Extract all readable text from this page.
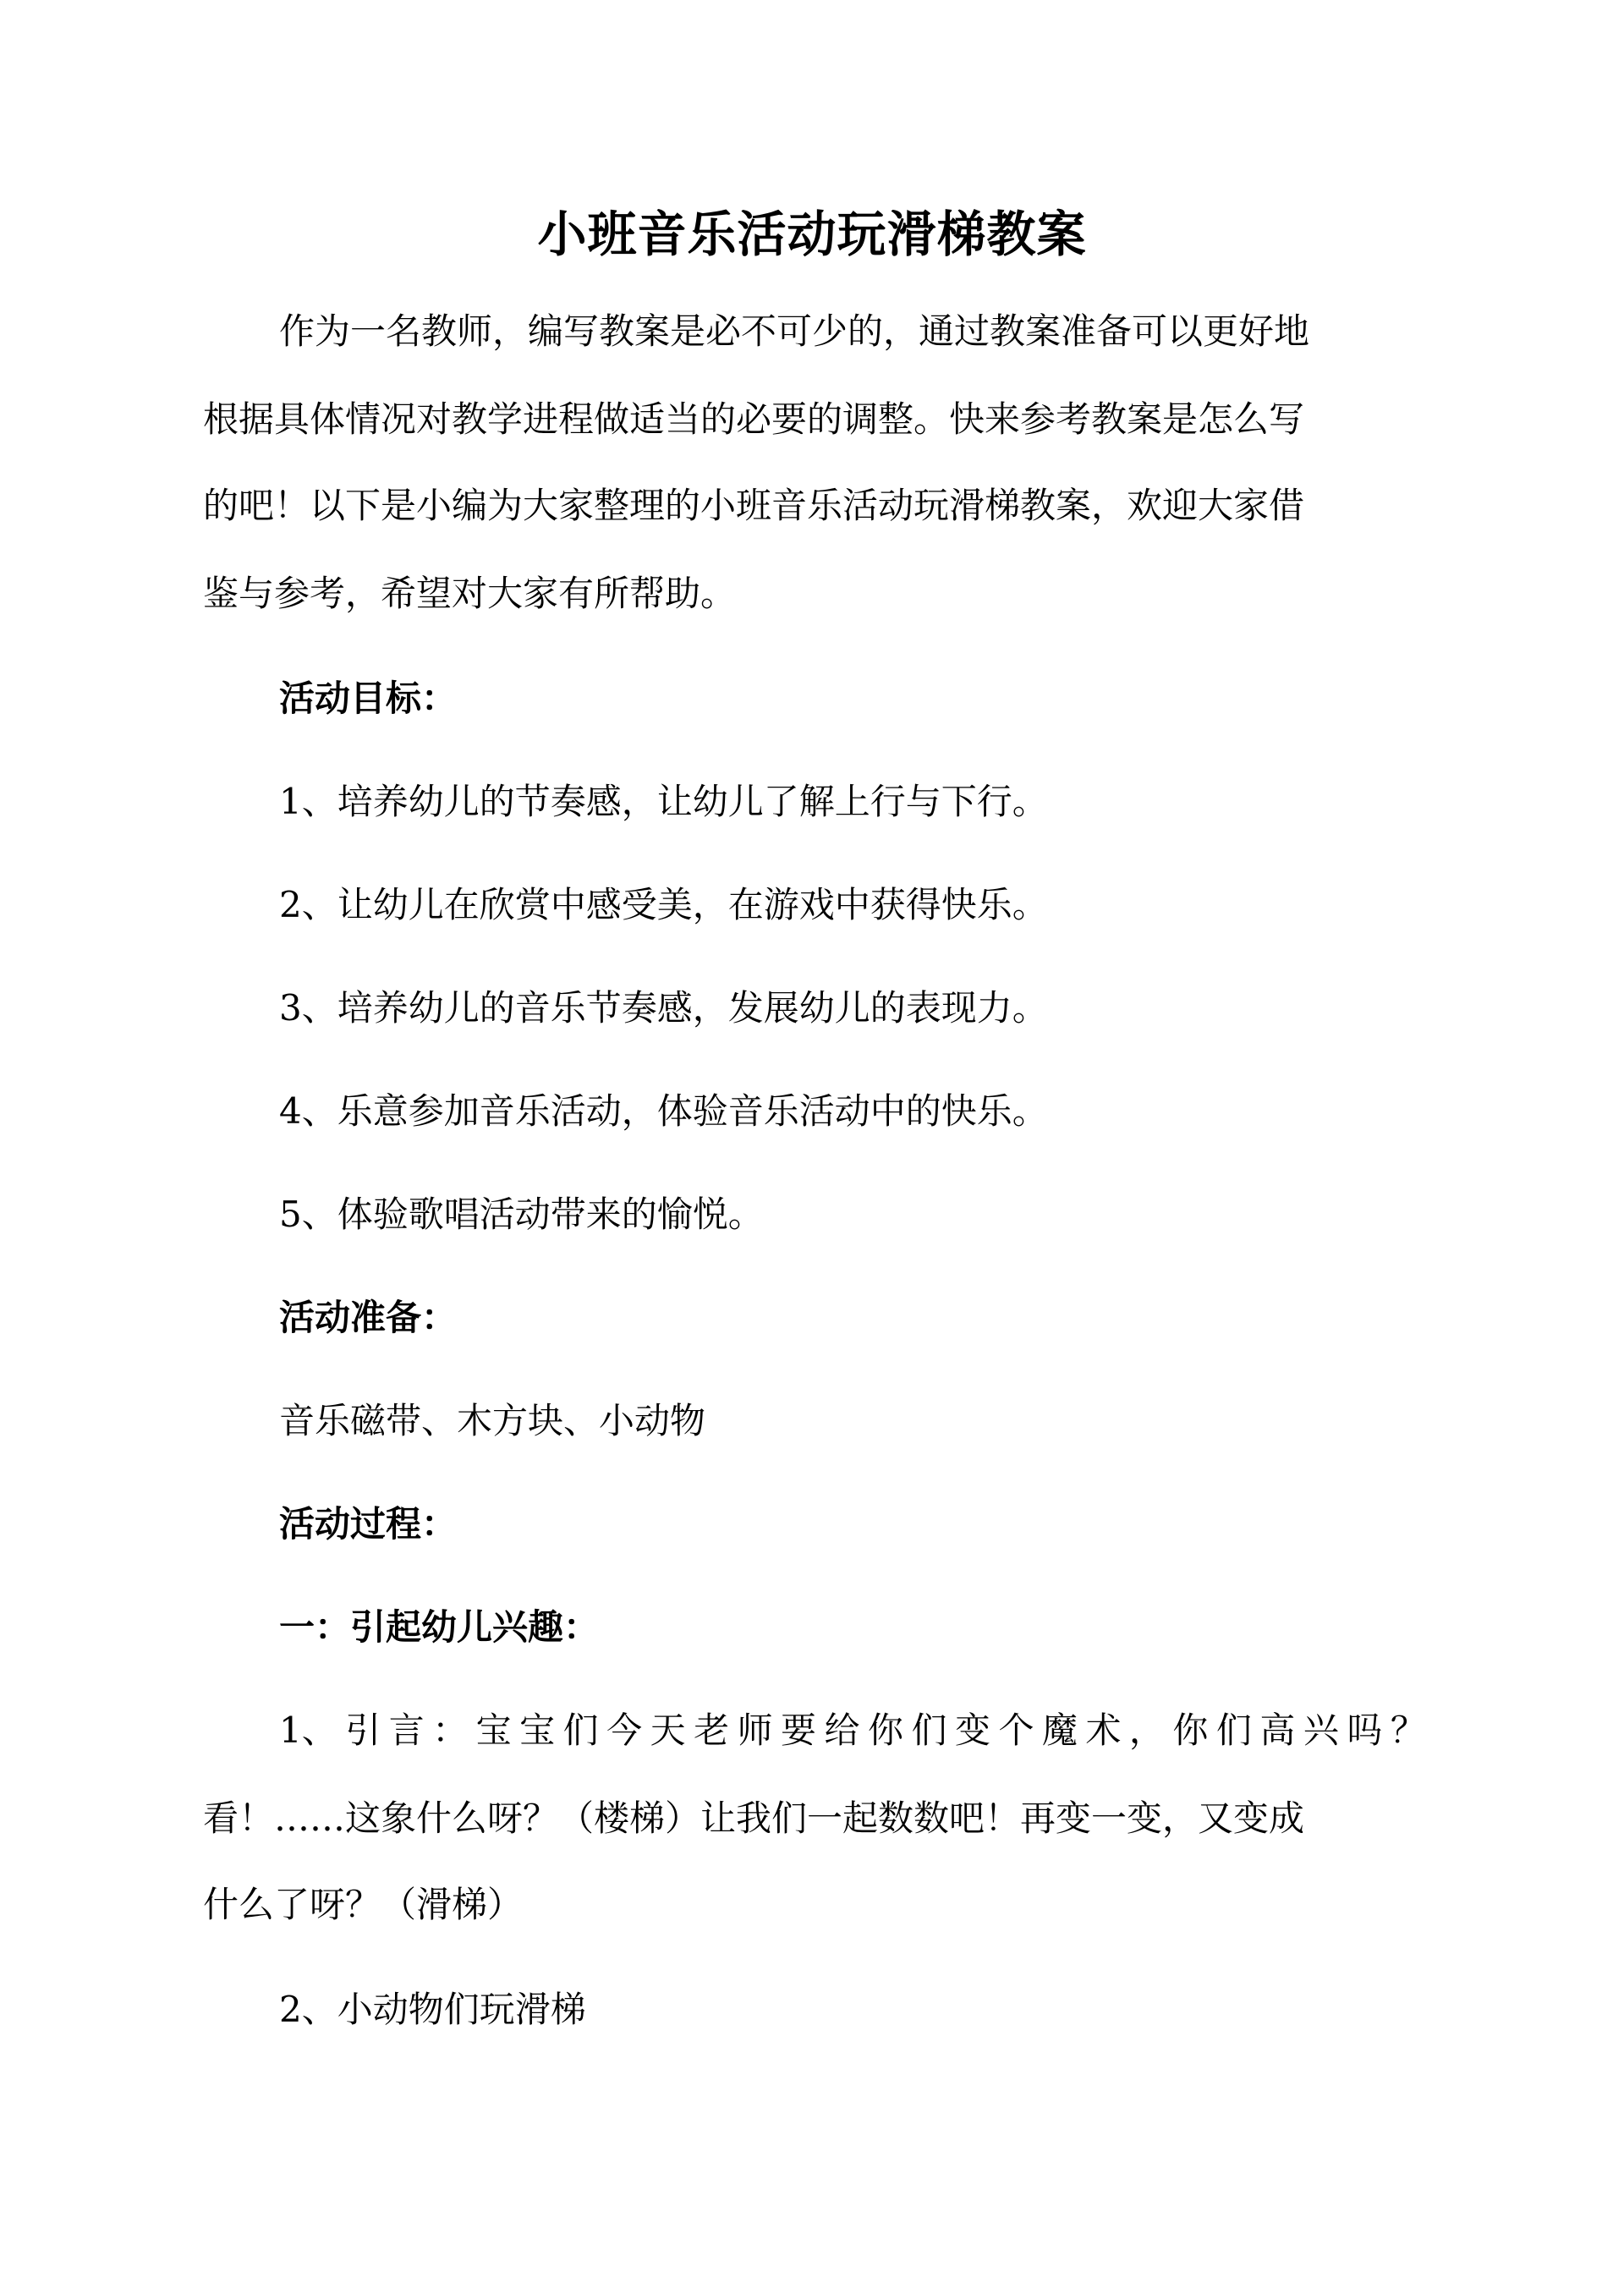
小班音乐活动玩滑梯教案
作为一名教师，编写教案是必不可少的，通过教案准备可以更好地
根据具体情况对教学进程做适当的必要的调整。快来参考教案是怎么写
的吧！以下是小编为大家整理的小班音乐活动玩滑梯教案，欢迎大家借
鉴与参考，希望对大家有所帮助。
活动目标：
1、培养幼儿的节奏感，让幼儿了解上行与下行。
2、让幼儿在欣赏中感受美，在游戏中获得快乐。
3、培养幼儿的音乐节奏感，发展幼儿的表现力。
4、乐意参加音乐活动，体验音乐活动中的快乐。
5、体验歌唱活动带来的愉悦。
活动准备：
音乐磁带、木方块、小动物
活动过程：
一：引起幼儿兴趣：
1、 引 言 ： 宝 宝 们 今 天 老 师 要 给 你 们 变 个 魔 术 ， 你 们 高 兴 吗 ？
看！……这象什么呀？（楼梯）让我们一起数数吧！再变一变，又变成
什么了呀？（滑梯）
2、小动物们玩滑梯
